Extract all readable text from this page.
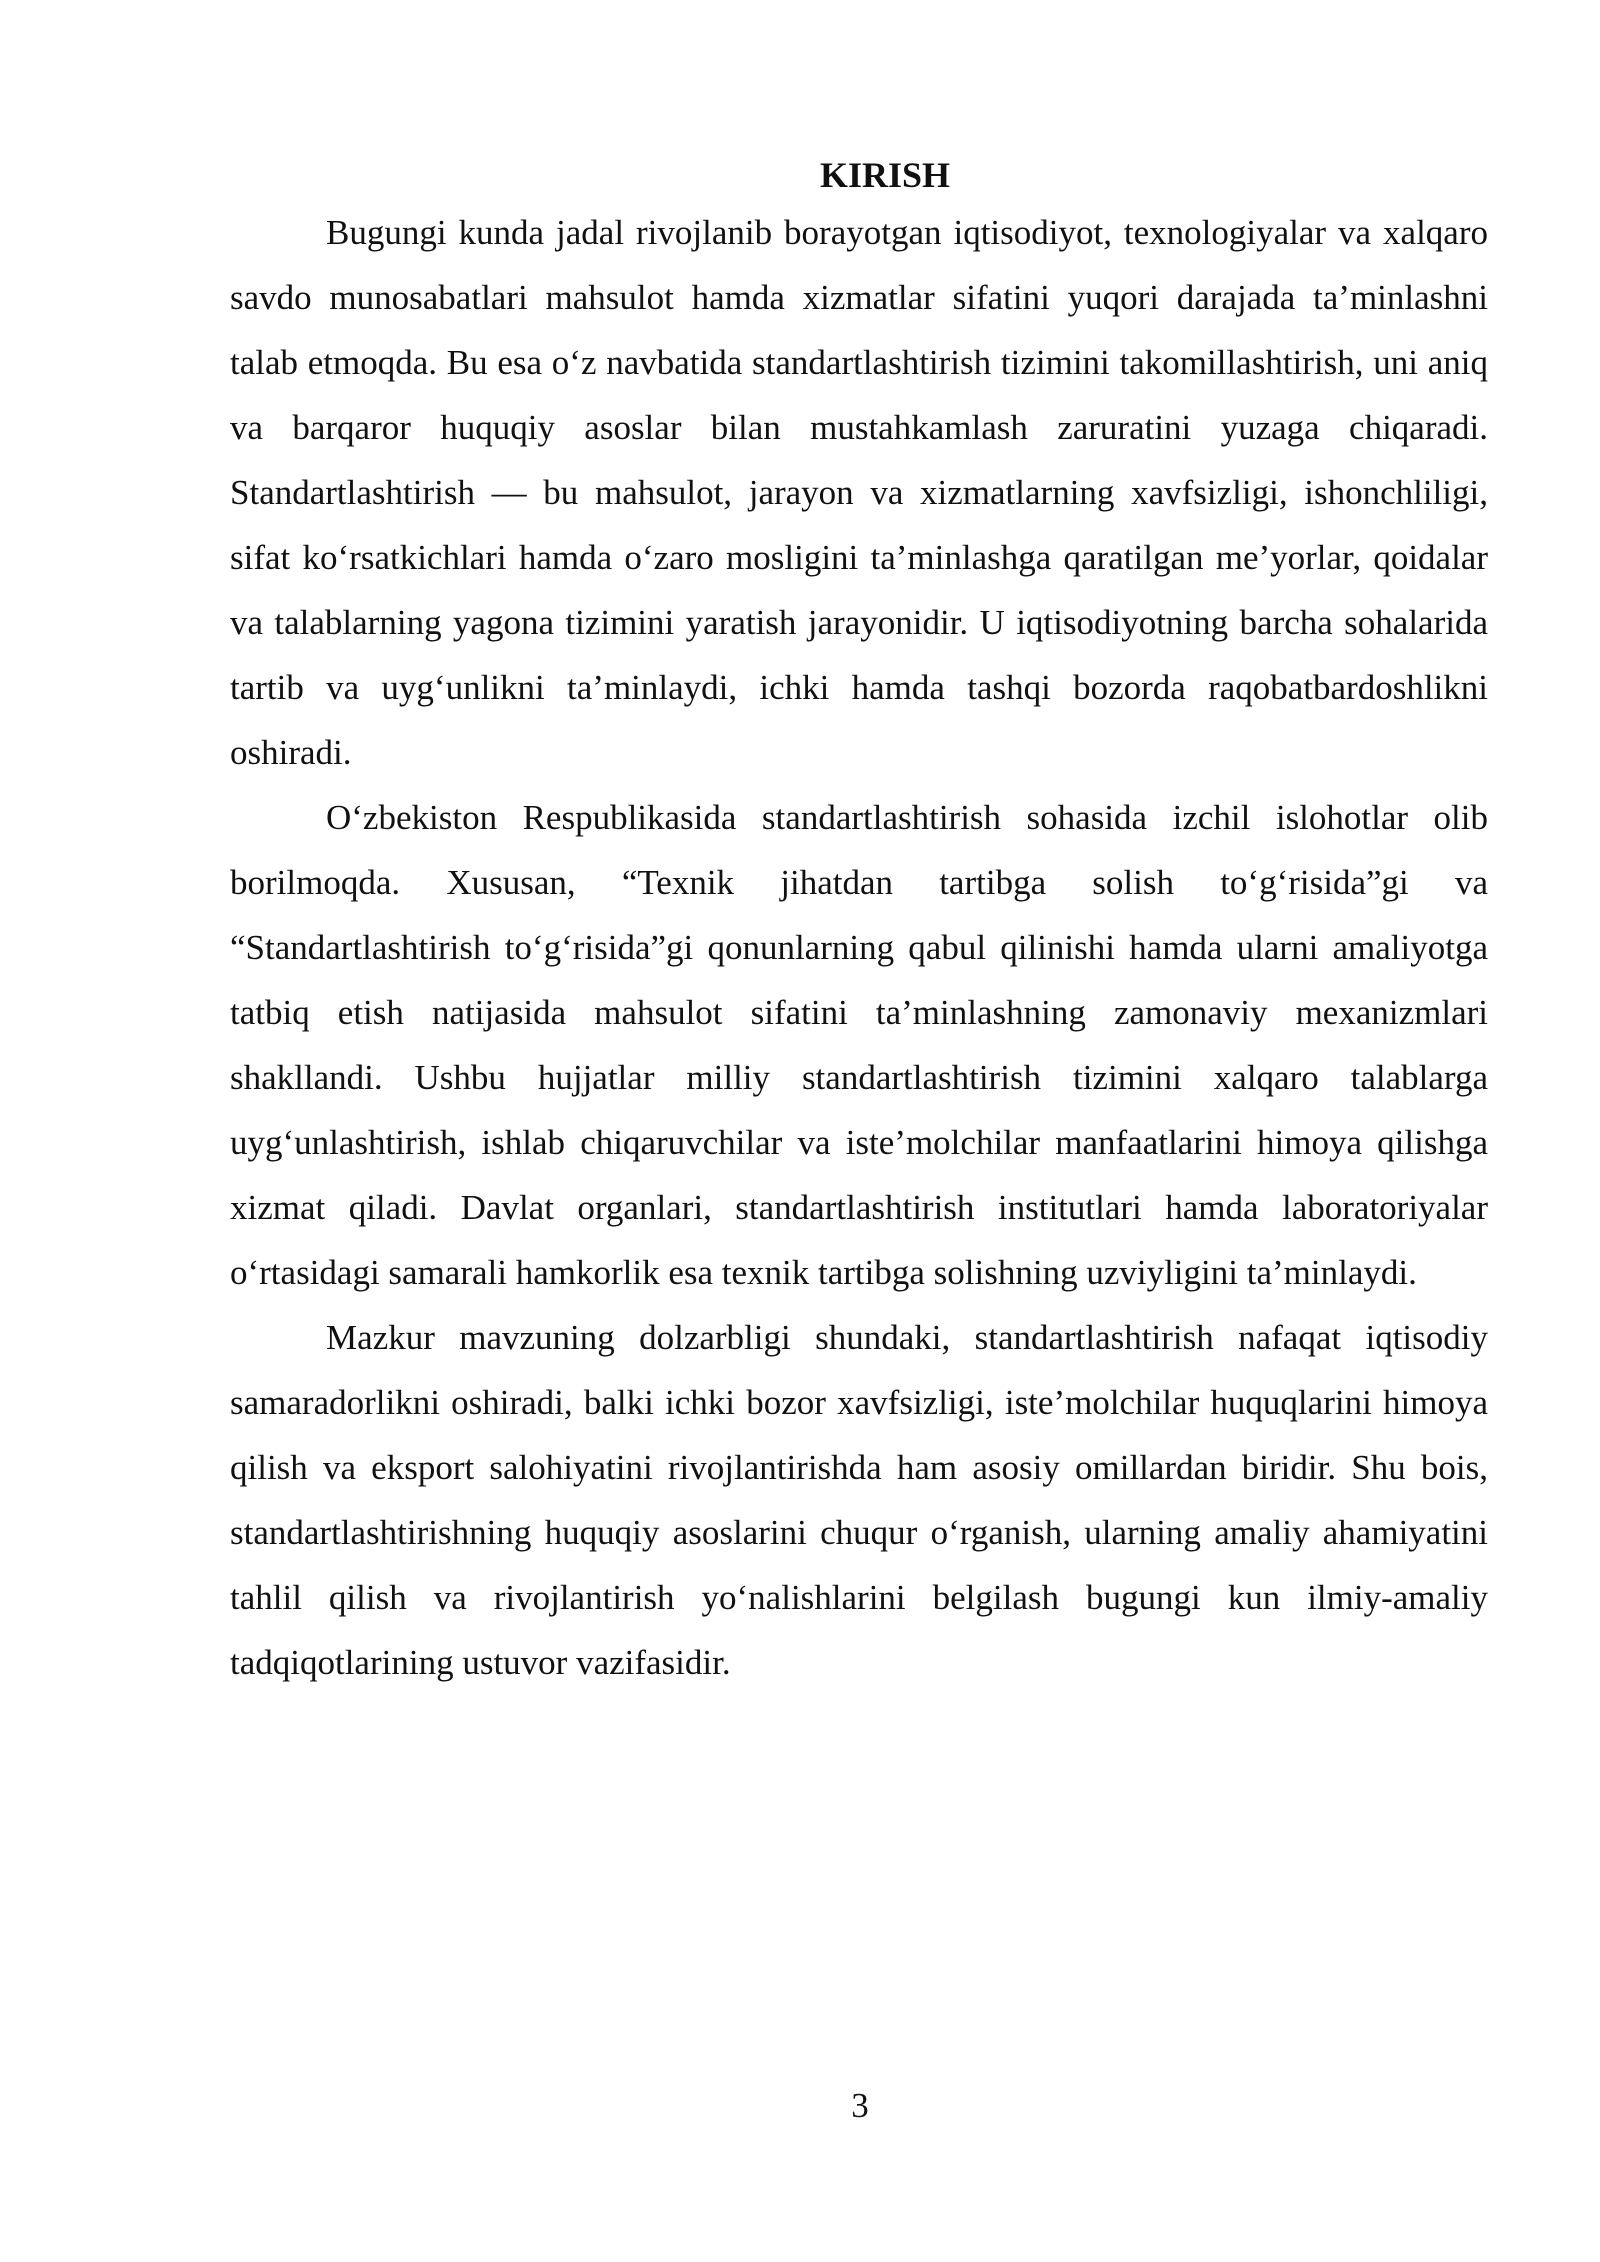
KIRISH

Bugungi kunda jadal rivojlanib borayotgan iqtisodiyot, texnologiyalar va xalqaro savdo munosabatlari mahsulot hamda xizmatlar sifatini yuqori darajada ta’minlashni talab etmoqda. Bu esa o‘z navbatida standartlashtirish tizimini takomillashtirish, uni aniq va barqaror huquqiy asoslar bilan mustahkamlash zaruratini yuzaga chiqaradi. Standartlashtirish — bu mahsulot, jarayon va xizmatlarning xavfsizligi, ishonchliligi, sifat ko‘rsatkichlari hamda o‘zaro mosligini ta’minlashga qaratilgan me’yorlar, qoidalar va talablarning yagona tizimini yaratish jarayonidir. U iqtisodiyotning barcha sohalarida tartib va uyg‘unlikni ta’minlaydi, ichki hamda tashqi bozorda raqobatbardoshlikni oshiradi.

O‘zbekiston Respublikasida standartlashtirish sohasida izchil islohotlar olib borilmoqda. Xususan, “Texnik jihatdan tartibga solish to‘g‘risida”gi va “Standartlashtirish to‘g‘risida”gi qonunlarning qabul qilinishi hamda ularni amaliyotga tatbiq etish natijasida mahsulot sifatini ta’minlashning zamonaviy mexanizmlari shakllandi. Ushbu hujjatlar milliy standartlashtirish tizimini xalqaro talablarga uyg‘unlashtirish, ishlab chiqaruvchilar va iste’molchilar manfaatlarini himoya qilishga xizmat qiladi. Davlat organlari, standartlashtirish institutlari hamda laboratoriyalar o‘rtasidagi samarali hamkorlik esa texnik tartibga solishning uzviyligini ta’minlaydi.

Mazkur mavzuning dolzarbligi shundaki, standartlashtirish nafaqat iqtisodiy samaradorlikni oshiradi, balki ichki bozor xavfsizligi, iste’molchilar huquqlarini himoya qilish va eksport salohiyatini rivojlantirishda ham asosiy omillardan biridir. Shu bois, standartlashtirishning huquqiy asoslarini chuqur o‘rganish, ularning amaliy ahamiyatini tahlil qilish va rivojlantirish yo‘nalishlarini belgilash bugungi kun ilmiy-amaliy tadqiqotlarining ustuvor vazifasidir.

3
